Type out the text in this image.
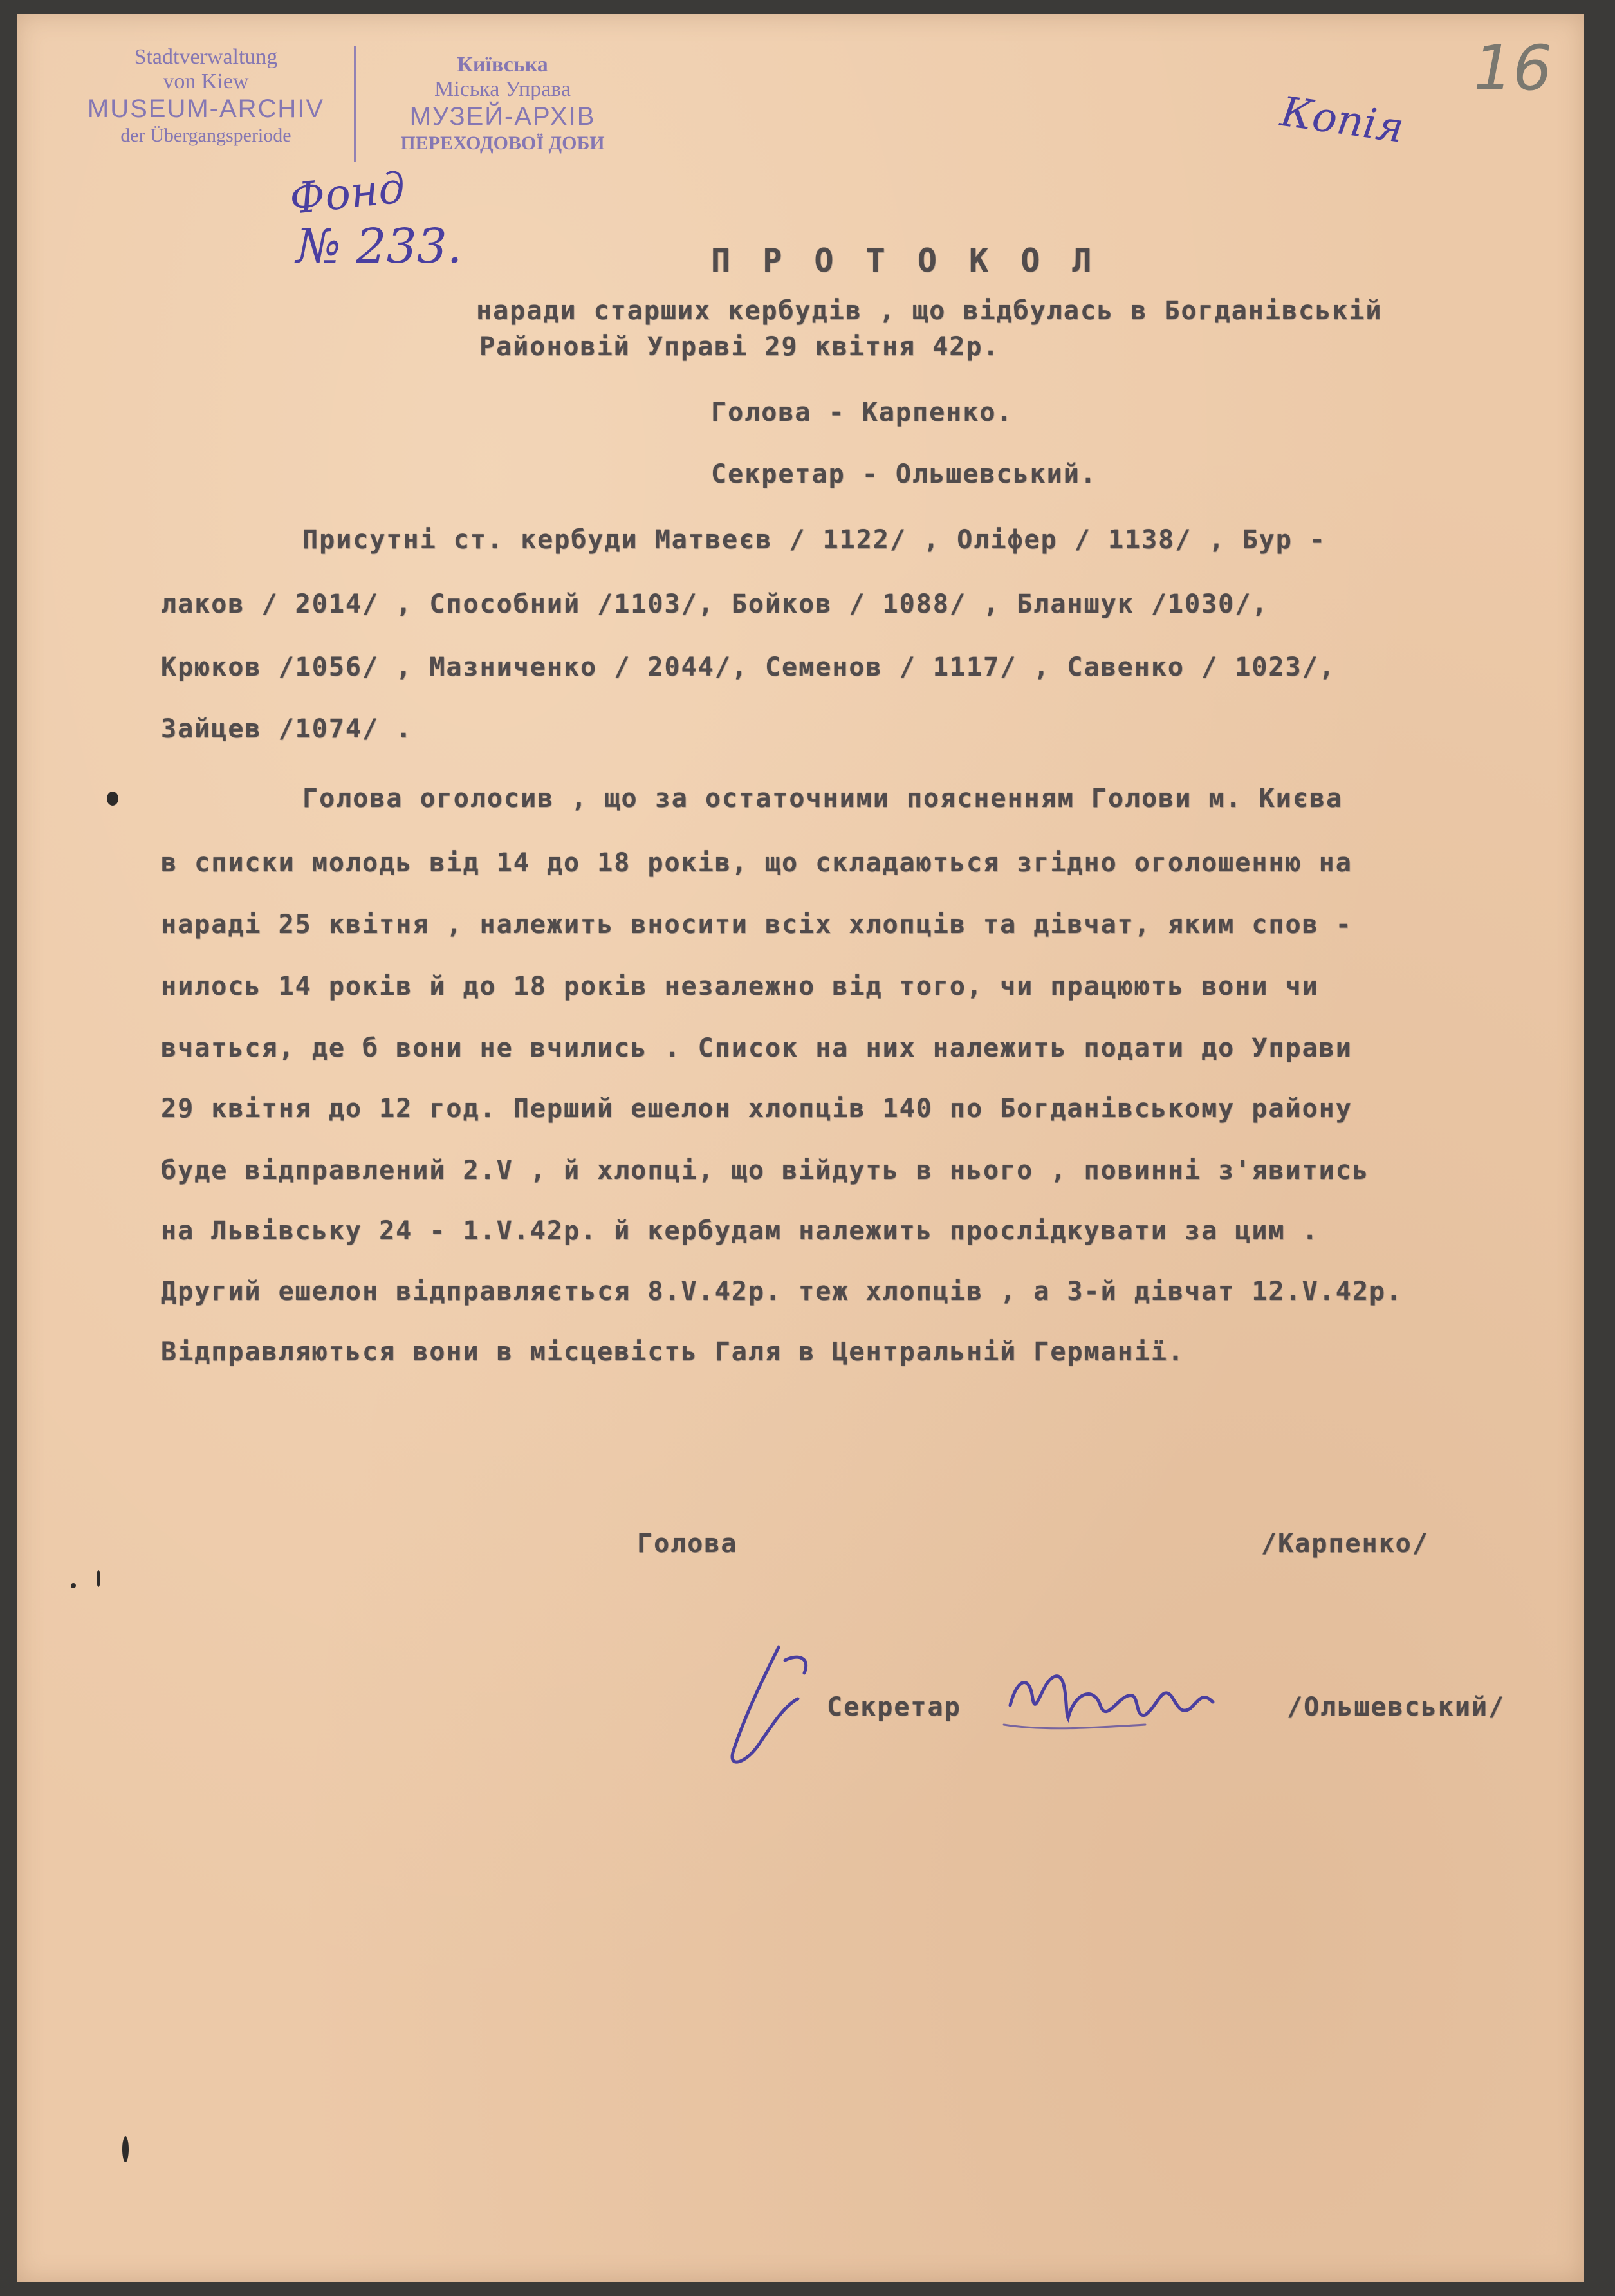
Stadtverwaltung
von Kiew
MUSEUM-ARCHIV
der Übergangsperiode
Київська
Міська Управа
МУЗЕЙ-АРХІВ
ПЕРЕХОДОВОЇ ДОБИ	Копія
16
Фонд
№ 233.	П Р О Т О К О Л
наради старших кербудів , що відбулась в Богданівській
Районовій Управі 29 квітня 42р.
Голова - Карпенко.
Секретар - Ольшевський.
Присутні ст. кербуди Матвеєв / 1122/ , Оліфер / 1138/ , Бур -
лаков / 2014/ , Способний /1103/, Бойков / 1088/ , Бланшук /1030/,
Крюков /1056/ , Мазниченко / 2044/, Семенов / 1117/ , Савенко / 1023/,
Зайцев /1074/ .
Голова оголосив , що за остаточними поясненням Голови м. Києва
в списки молодь від 14 до 18 років, що складаються згідно оголошенню на
нараді 25 квітня , належить вносити всіх хлопців та дівчат, яким спов -
нилось 14 років й до 18 років незалежно від того, чи працюють вони чи
вчаться, де б вони не вчились . Список на них належить подати до Управи
29 квітня до 12 год. Перший ешелон хлопців 140 по Богданівському району
буде відправлений 2.V , й хлопці, що війдуть в нього , повинні з'явитись
на Львівську 24 - 1.V.42р. й кербудам належить прослідкувати за цим .
Другий ешелон відправляється 8.V.42р. теж хлопців , а 3-й дівчат 12.V.42р.
Відправляються вони в місцевість Галя в Центральній Германії.
Голова	/Карпенко/
Секретар	/Ольшевський/
